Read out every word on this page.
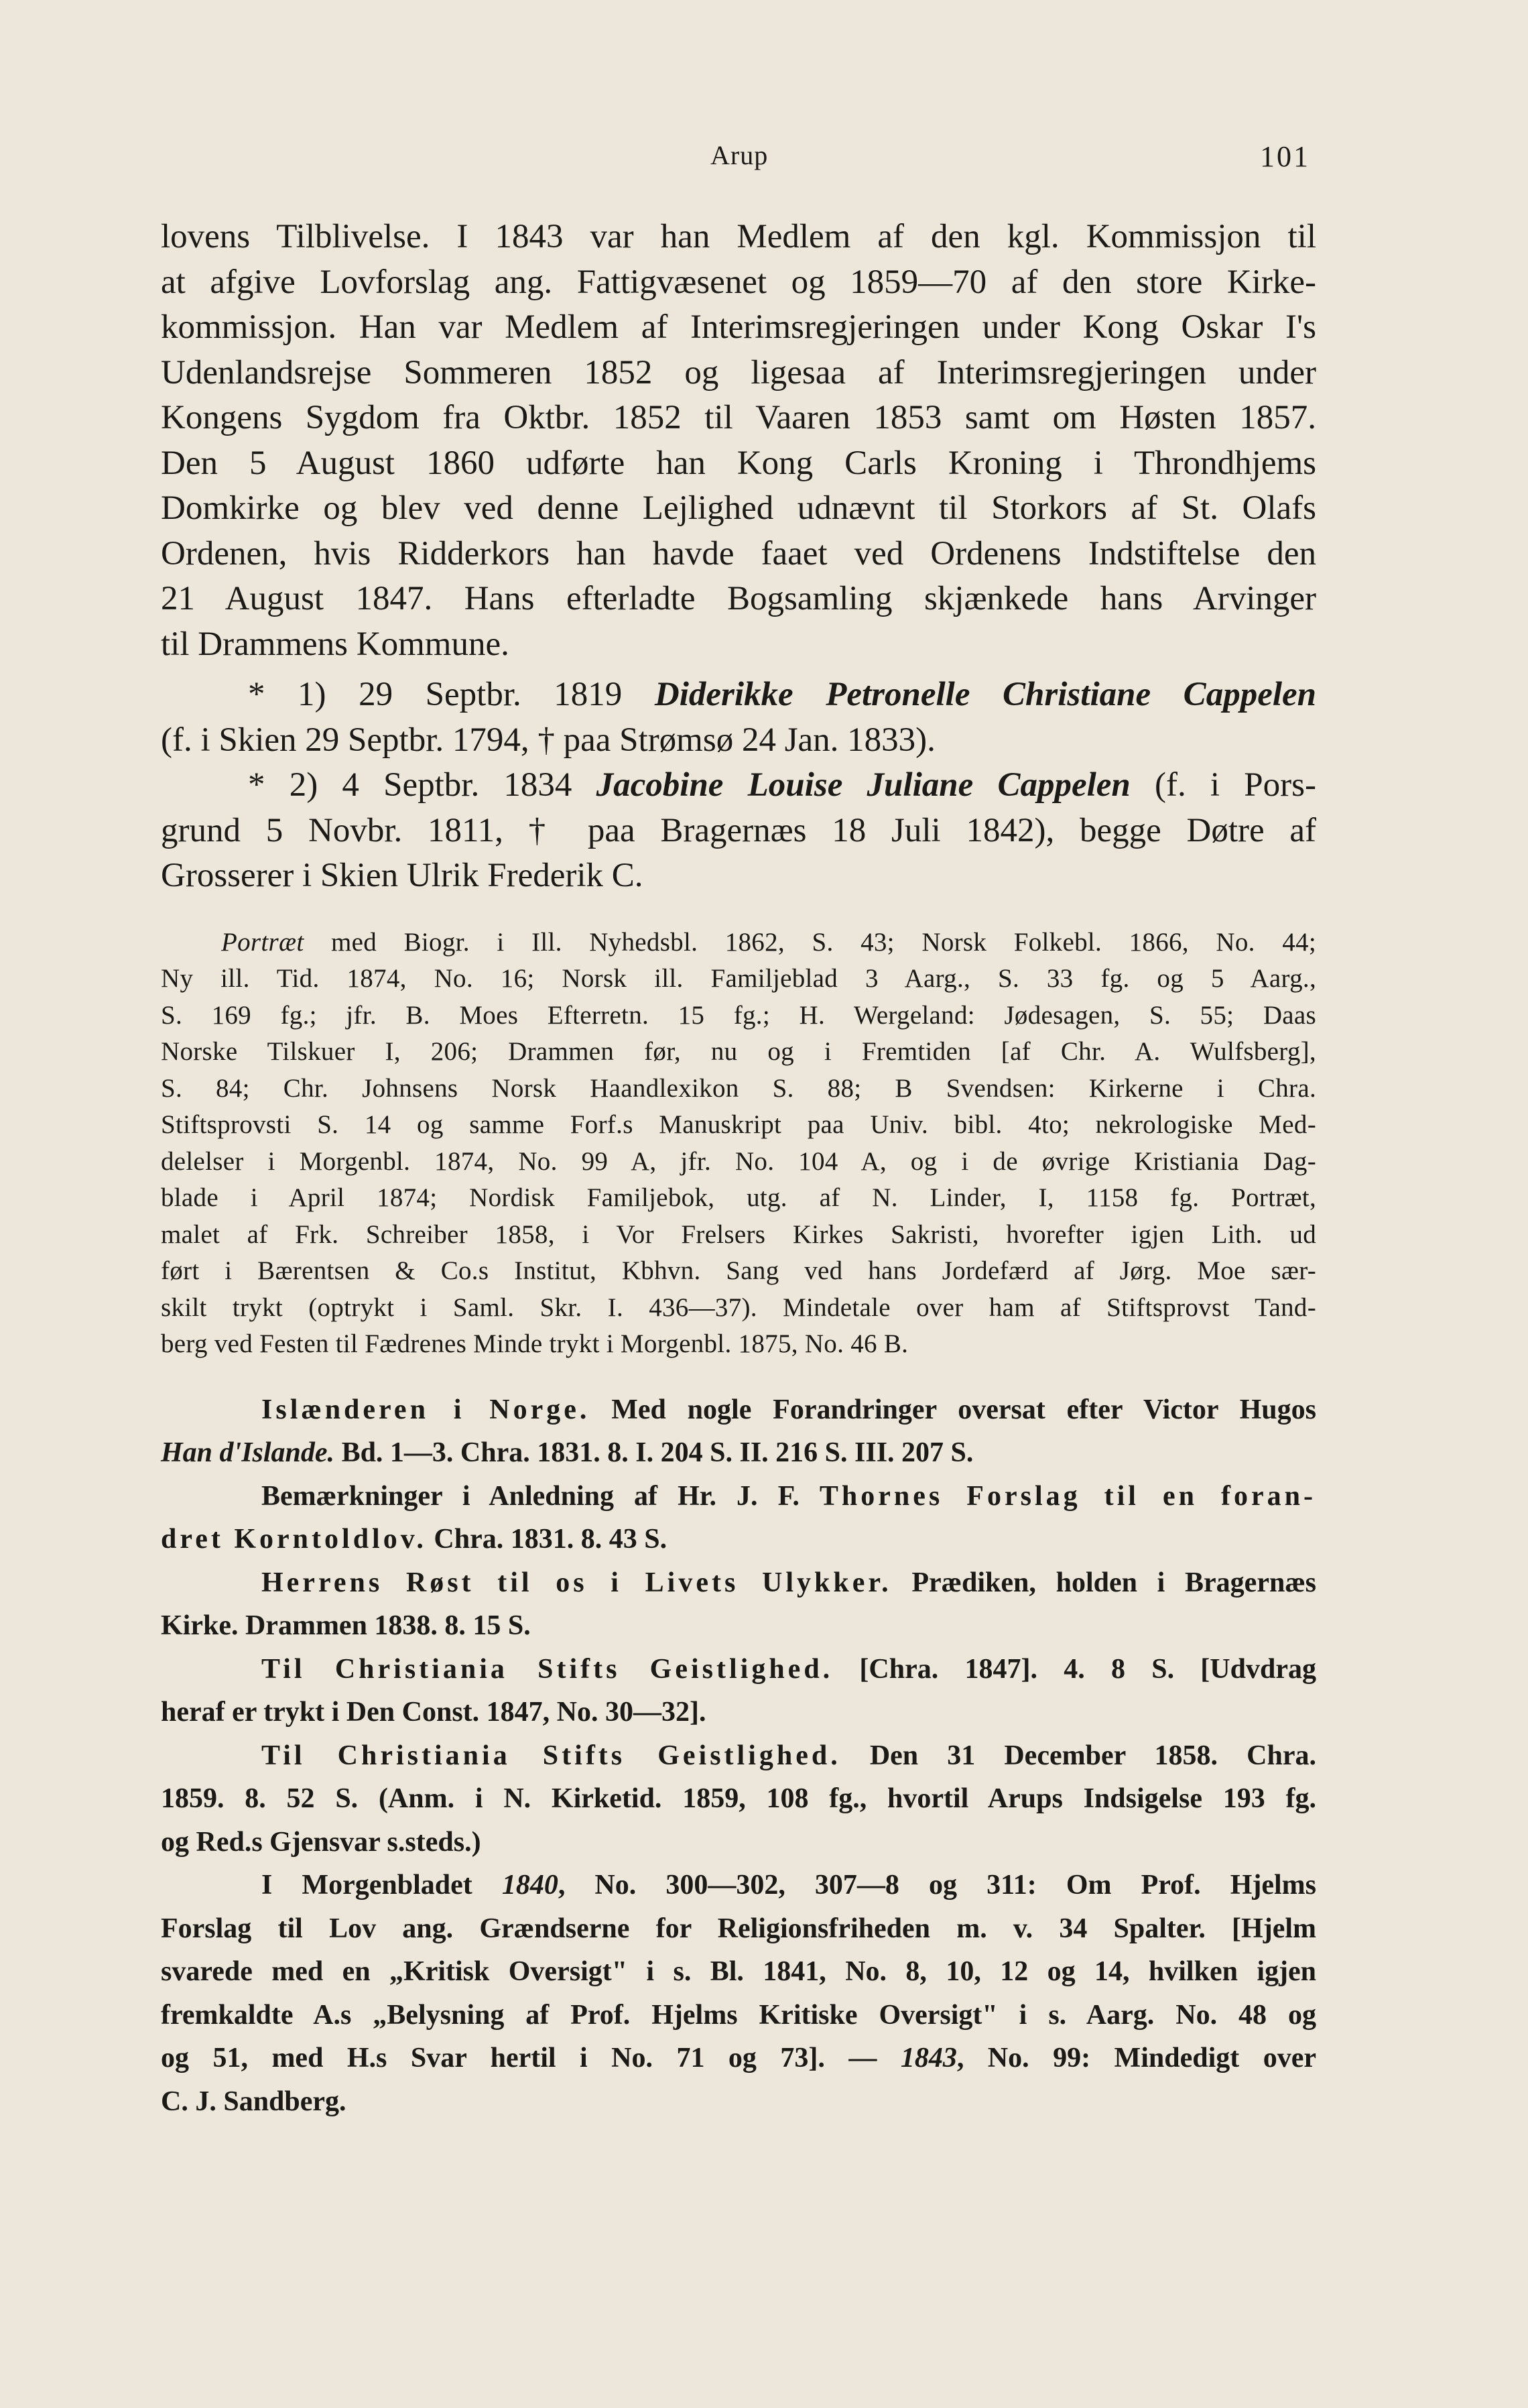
Arup	101

lovens Tilblivelse. I 1843 var han Medlem af den kgl. Kommissjon til

at afgive Lovforslag ang. Fattigvæsenet og 1859—70 af den store Kirke-

kommissjon. Han var Medlem af Interimsregjeringen under Kong Oskar I's

Udenlandsrejse Sommeren 1852 og ligesaa af Interimsregjeringen under

Kongens Sygdom fra Oktbr. 1852 til Vaaren 1853 samt om Høsten 1857.

Den 5 August 1860 udførte han Kong Carls Kroning i Throndhjems

Domkirke og blev ved denne Lejlighed udnævnt til Storkors af St. Olafs

Ordenen, hvis Ridderkors han havde faaet ved Ordenens Indstiftelse den

21 August 1847. Hans efterladte Bogsamling skjænkede hans Arvinger

til Drammens Kommune.

* 1) 29 Septbr. 1819 Diderikke Petronelle Christiane Cappelen

(f. i Skien 29 Septbr. 1794, † paa Strømsø 24 Jan. 1833).

* 2) 4 Septbr. 1834 Jacobine Louise Juliane Cappelen (f. i Pors-

grund 5 Novbr. 1811, † paa Bragernæs 18 Juli 1842), begge Døtre af

Grosserer i Skien Ulrik Frederik C.

Portræt med Biogr. i Ill. Nyhedsbl. 1862, S. 43; Norsk Folkebl. 1866, No. 44;

Ny ill. Tid. 1874, No. 16; Norsk ill. Familjeblad 3 Aarg., S. 33 fg. og 5 Aarg.,

S. 169 fg.; jfr. B. Moes Efterretn. 15 fg.; H. Wergeland: Jødesagen, S. 55; Daas

Norske Tilskuer I, 206; Drammen før, nu og i Fremtiden [af Chr. A. Wulfsberg],

S. 84; Chr. Johnsens Norsk Haandlexikon S. 88; B Svendsen: Kirkerne i Chra.

Stiftsprovsti S. 14 og samme Forf.s Manuskript paa Univ. bibl. 4to; nekrologiske Med-

delelser i Morgenbl. 1874, No. 99 A, jfr. No. 104 A, og i de øvrige Kristiania Dag-

blade i April 1874; Nordisk Familjebok, utg. af N. Linder, I, 1158 fg. Portræt,

malet af Frk. Schreiber 1858, i Vor Frelsers Kirkes Sakristi, hvorefter igjen Lith. ud

ført i Bærentsen & Co.s Institut, Kbhvn. Sang ved hans Jordefærd af Jørg. Moe sær-

skilt trykt (optrykt i Saml. Skr. I. 436—37). Mindetale over ham af Stiftsprovst Tand-

berg ved Festen til Fædrenes Minde trykt i Morgenbl. 1875, No. 46 B.

Islænderen i Norge. Med nogle Forandringer oversat efter Victor Hugos

Han d'Islande. Bd. 1—3. Chra. 1831. 8. I. 204 S. II. 216 S. III. 207 S.

Bemærkninger i Anledning af Hr. J. F. Thornes Forslag til en foran-

dret Korntoldlov. Chra. 1831. 8. 43 S.

Herrens Røst til os i Livets Ulykker. Prædiken, holden i Bragernæs

Kirke. Drammen 1838. 8. 15 S.

Til Christiania Stifts Geistlighed. [Chra. 1847]. 4. 8 S. [Udvdrag

heraf er trykt i Den Const. 1847, No. 30—32].

Til Christiania Stifts Geistlighed. Den 31 December 1858. Chra.

1859. 8. 52 S. (Anm. i N. Kirketid. 1859, 108 fg., hvortil Arups Indsigelse 193 fg.

og Red.s Gjensvar s.steds.)

I Morgenbladet 1840, No. 300—302, 307—8 og 311: Om Prof. Hjelms

Forslag til Lov ang. Grændserne for Religionsfriheden m. v. 34 Spalter. [Hjelm

svarede med en „Kritisk Oversigt" i s. Bl. 1841, No. 8, 10, 12 og 14, hvilken igjen

fremkaldte A.s „Belysning af Prof. Hjelms Kritiske Oversigt" i s. Aarg. No. 48 og

og 51, med H.s Svar hertil i No. 71 og 73]. — 1843, No. 99: Mindedigt over

C. J. Sandberg.
